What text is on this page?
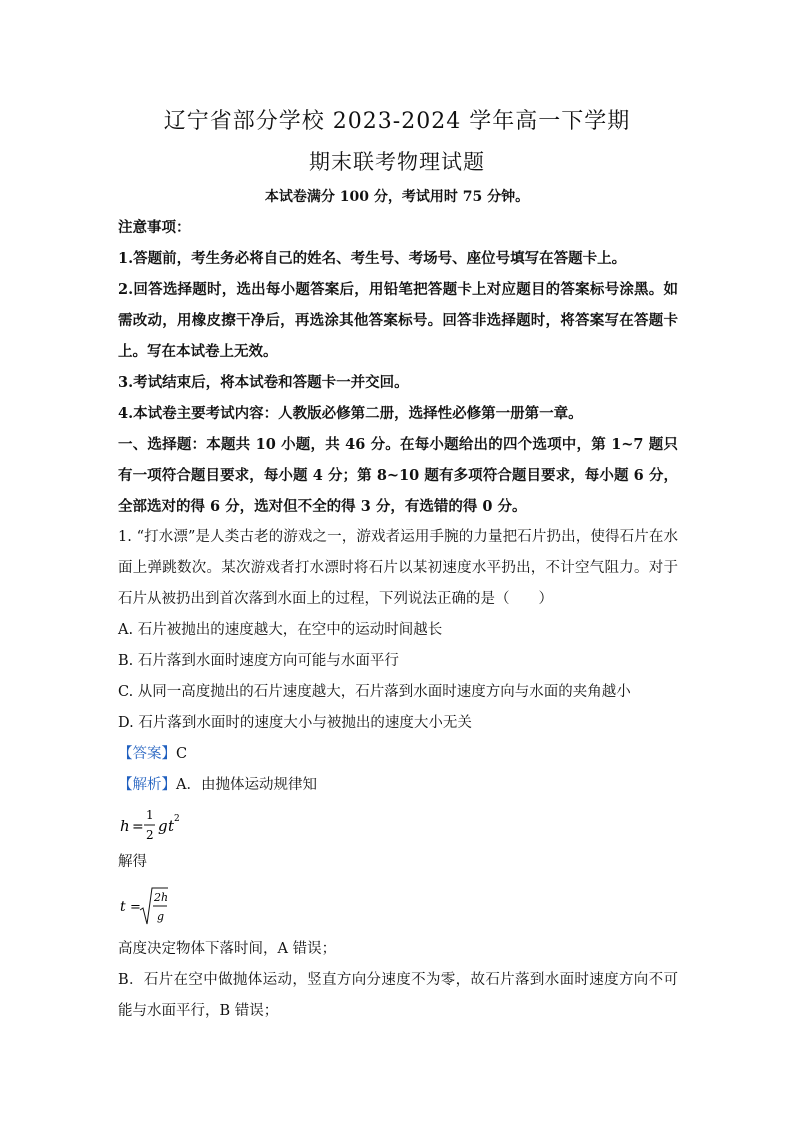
辽宁省部分学校 2023-2024 学年高一下学期
期末联考物理试题
本试卷满分 100 分，考试用时 75 分钟。
注意事项：
1.答题前，考生务必将自己的姓名、考生号、考场号、座位号填写在答题卡上。
2.回答选择题时，选出每小题答案后，用铅笔把答题卡上对应题目的答案标号涂黑。如需改动，用橡皮擦干净后，再选涂其他答案标号。回答非选择题时，将答案写在答题卡上。写在本试卷上无效。
3.考试结束后，将本试卷和答题卡一并交回。
4.本试卷主要考试内容：人教版必修第二册，选择性必修第一册第一章。
一、选择题：本题共 10 小题，共 46 分。在每小题给出的四个选项中，第 1~7 题只有一项符合题目要求，每小题 4 分；第 8~10 题有多项符合题目要求，每小题 6 分，全部选对的得 6 分，选对但不全的得 3 分，有选错的得 0 分。
1. “打水漂”是人类古老的游戏之一，游戏者运用手腕的力量把石片扔出，使得石片在水面上弹跳数次。某次游戏者打水漂时将石片以某初速度水平扔出，不计空气阻力。对于石片从被扔出到首次落到水面上的过程，下列说法正确的是（　　）
A. 石片被抛出的速度越大，在空中的运动时间越长
B. 石片落到水面时速度方向可能与水面平行
C. 从同一高度抛出的石片速度越大，石片落到水面时速度方向与水面的夹角越小
D. 石片落到水面时的速度大小与被抛出的速度大小无关
【答案】C
【解析】A．由抛体运动规律知
h =
1
2 g t 2
解得
t =
2h
g
高度决定物体下落时间，A 错误；
B．石片在空中做抛体运动，竖直方向分速度不为零，故石片落到水面时速度方向不可能与水面平行，B 错误；
